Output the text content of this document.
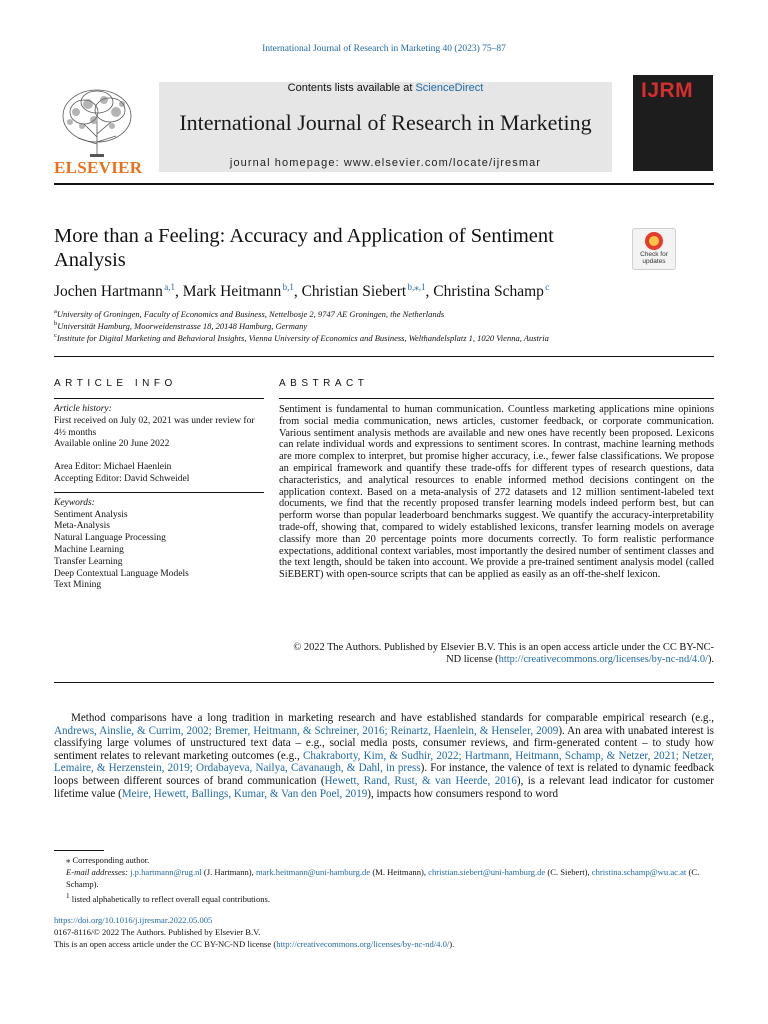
International Journal of Research in Marketing 40 (2023) 75–87
ELSEVIER
Contents lists available at ScienceDirect
International Journal of Research in Marketing
journal homepage: www.elsevier.com/locate/ijresmar
IJRM
More than a Feeling: Accuracy and Application of Sentiment Analysis	Check for updates
Jochen Hartmann $^{a,1}$, Mark Heitmann $^{b,1}$, Christian Siebert $^{b,⁎,1}$, Christina Schamp $^c$
$^a$University of Groningen, Faculty of Economics and Business, Nettelbosje 2, 9747 AE Groningen, the Netherlands
$^b$Universität Hamburg, Moorweidenstrasse 18, 20148 Hamburg, Germany
$^c$Institute for Digital Marketing and Behavioral Insights, Vienna University of Economics and Business, Welthandelsplatz 1, 1020 Vienna, Austria
ARTICLE INFO	ABSTRACT
Article history:
First received on July 02, 2021 was under review for 4½ months
Available online 20 June 2022
Area Editor: Michael Haenlein
Accepting Editor: David Schweidel
Keywords:
Sentiment Analysis
Meta-Analysis
Natural Language Processing
Machine Learning
Transfer Learning
Deep Contextual Language Models
Text Mining
Sentiment is fundamental to human communication. Countless marketing applications mine opinions from social media communication, news articles, customer feedback, or corporate communication. Various sentiment analysis methods are available and new ones have recently been proposed. Lexicons can relate individual words and expressions to sentiment scores. In contrast, machine learning methods are more complex to interpret, but promise higher accuracy, i.e., fewer false classifications. We propose an empirical framework and quantify these trade-offs for different types of research questions, data characteristics, and analytical resources to enable informed method decisions contingent on the application context. Based on a meta-analysis of 272 datasets and 12 million sentiment-labeled text documents, we find that the recently proposed transfer learning models indeed perform best, but can perform worse than popular leaderboard benchmarks suggest. We quantify the accuracy-interpretability trade-off, showing that, compared to widely established lexicons, transfer learning models on average classify more than 20 percentage points more documents correctly. To form realistic performance expectations, additional context variables, most importantly the desired number of sentiment classes and the text length, should be taken into account. We provide a pre-trained sentiment analysis model (called SiEBERT) with open-source scripts that can be applied as easily as an off-the-shelf lexicon.
© 2022 The Authors. Published by Elsevier B.V. This is an open access article under the CC BY-NC-ND license (http://creativecommons.org/licenses/by-nc-nd/4.0/).
Method comparisons have a long tradition in marketing research and have established standards for comparable empirical research (e.g., Andrews, Ainslie, & Currim, 2002; Bremer, Heitmann, & Schreiner, 2016; Reinartz, Haenlein, & Henseler, 2009). An area with unabated interest is classifying large volumes of unstructured text data – e.g., social media posts, consumer reviews, and firm-generated content – to study how sentiment relates to relevant marketing outcomes (e.g., Chakraborty, Kim, & Sudhir, 2022; Hartmann, Heitmann, Schamp, & Netzer, 2021; Netzer, Lemaire, & Herzenstein, 2019; Ordabayeva, Nailya, Cavanaugh, & Dahl, in press). For instance, the valence of text is related to dynamic feedback loops between different sources of brand communication (Hewett, Rand, Rust, & van Heerde, 2016), is a relevant lead indicator for customer lifetime value (Meire, Hewett, Ballings, Kumar, & Van den Poel, 2019), impacts how consumers respond to word
⁎ Corresponding author.
E-mail addresses: j.p.hartmann@rug.nl (J. Hartmann), mark.heitmann@uni-hamburg.de (M. Heitmann), christian.siebert@uni-hamburg.de (C. Siebert), christina.schamp@wu.ac.at (C. Schamp).
$^1$ listed alphabetically to reflect overall equal contributions.
https://doi.org/10.1016/j.ijresmar.2022.05.005
0167-8116/© 2022 The Authors. Published by Elsevier B.V.
This is an open access article under the CC BY-NC-ND license (http://creativecommons.org/licenses/by-nc-nd/4.0/).
